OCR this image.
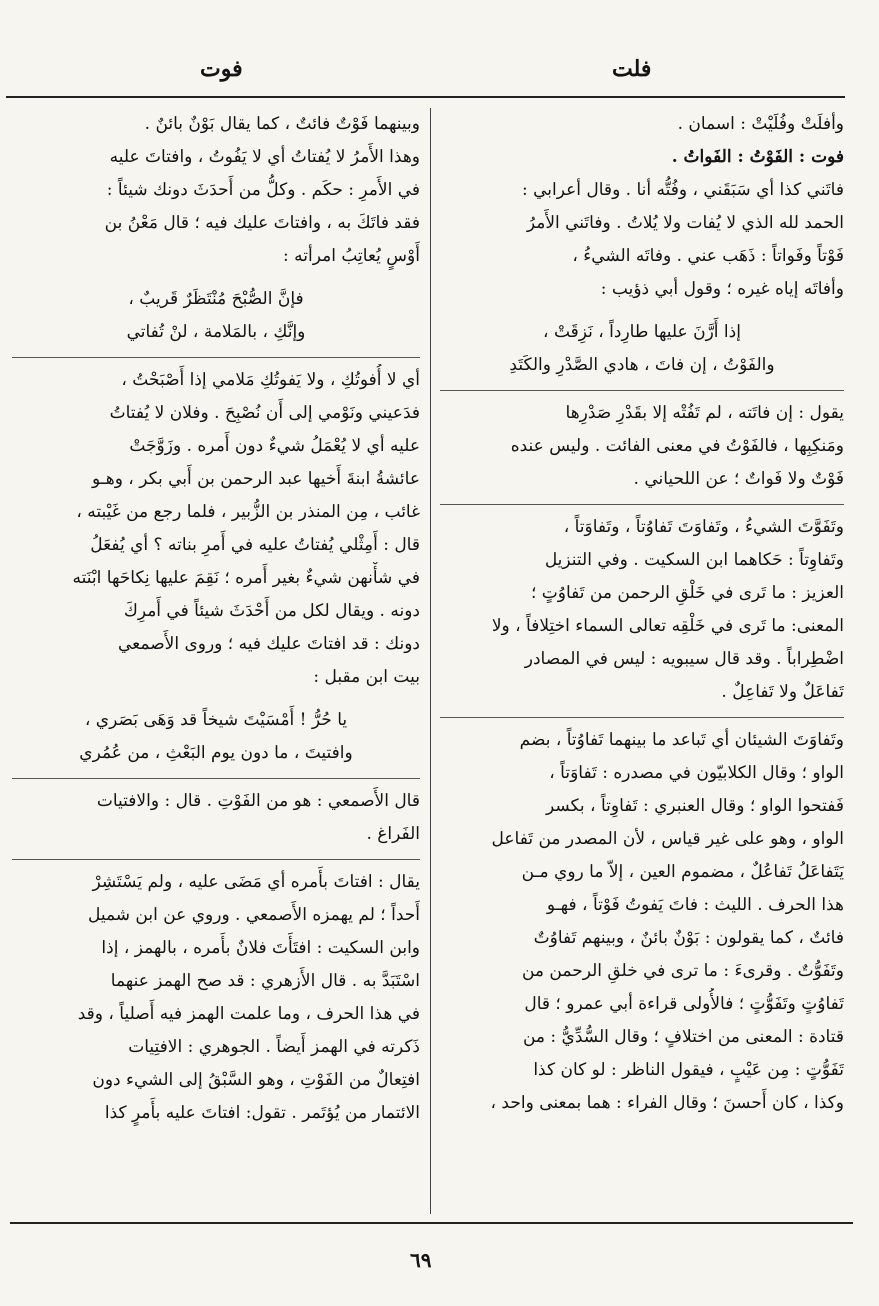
فلت
فوت
وأفلَتْ وفُلَيْتْ : اسمان .
فوت : الفَوْتُ : الفَواتُ .
فاتَني كذا أي سَبَقَني ، وفُتُّه أنا . وقال أعرابي :
الحمد لله الذي لا يُفات ولا يُلاتُ . وفاتَني الأَمرُ
فَوْتاً وفَواتاً : ذَهَب عني . وفاتَه الشيءُ ،
وأفاتَه إياه غيره ؛ وقول أبي ذؤيب :
إذا أَرَّنَ عليها طارِداً ، نَزِقَتْ ،
والفَوْتُ ، إن فاتَ ، هادي الصَّدْرِ والكَتَدِ
يقول : إن فاتَته ، لم تَفُتْه إلا بقَدْرِ صَدْرِها
ومَنكِبِها ، فالفَوْتُ في معنى الفائت . وليس عنده
فَوْتٌ ولا فَواتٌ ؛ عن اللحياني .
وتَفَوَّتَ الشيءُ ، وتَفاوَتَ تَفاوُتاً ، وتَفاوَتاً ،
وتَفاوِتاً : حَكاهما ابن السكيت . وفي التنزيل
العزيز : ما تَرى في خَلْقِ الرحمن من تَفاوُتٍ ؛
المعنى: ما تَرى في خَلْقِه تعالى السماء اختِلافاً ، ولا
اضْطِراباً . وقد قال سيبويه : ليس في المصادر
تَفاعَلٌ ولا تَفاعِلٌ .
وتَفاوَتَ الشيئان أي تَباعد ما بينهما تَفاوُتاً ، بضم
الواو ؛ وقال الكلابيّون في مصدره : تَفاوَتاً ،
فَفتحوا الواو ؛ وقال العنبري : تَفاوِتاً ، بكسر
الواو ، وهو على غير قياس ، لأن المصدر من تَفاعل
يَتَفاعَلُ تَفاعُلٌ ، مضموم العين ، إلاّ ما روي مـن
هذا الحرف . الليث : فاتَ يَفوتُ فَوْتاً ، فهـو
فائتٌ ، كما يقولون : بَوْنٌ بائنٌ ، وبينهم تَفاوُتٌ
وتَفَوُّتٌ . وقرىءَ : ما ترى في خلقِ الرحمن من
تَفاوُتٍ وتَفَوُّتٍ ؛ فالأُولى قراءة أبي عمرو ؛ قال
قتادة : المعنى من اختلافٍ ؛ وقال السُّدِّيُّ : من
تَفَوُّتٍ : مِن عَيْبٍ ، فيقول الناظر : لو كان كذا
وكذا ، كان أَحسنَ ؛ وقال الفراء : هما بمعنى واحد ،
وبينهما فَوْتٌ فائتٌ ، كما يقال بَوْنٌ بائنٌ .
وهذا الأَمرُ لا يُفتاتُ أي لا يَفُوتُ ، وافتاتَ عليه
في الأَمرِ : حكَم . وكلُّ من أَحدَثَ دونك شيئاً :
فقد فاتَكَ به ، وافتاتَ عليك فيه ؛ قال مَعْنُ بن
أَوْسٍ يُعاتِبُ امرأته :
فإنَّ الصُّبْحَ مُنْتَظَرٌ قَريبٌ ،
وإنَّكِ ، بالمَلامة ، لنْ تُفاتي
أي لا أُفوتُكِ ، ولا يَفوتُكِ مَلامي إذا أَصْبَحْتُ ،
فدَعيني ونَوْمي إلى أَن نُصْبِحَ . وفلان لا يُفتاتُ
عليه أي لا يُعْمَلُ شيءٌ دون أَمره . وزَوَّجَتْ
عائشةُ ابنةَ أَخيها عبد الرحمن بن أَبي بكر ، وهـو
غائب ، مِن المنذر بن الزُّبير ، فلما رجع من غَيْبته ،
قال : أَمِثْلي يُفتاتُ عليه في أَمرِ بناته ؟ أي يُفعَلُ
في شأْنهن شيءٌ بغير أَمره ؛ نَقِمَ عليها نِكاحَها ابْنَته
دونه . ويقال لكل من أَحْدَثَ شيئاً في أَمرِكَ
دونك : قد افتاتَ عليك فيه ؛ وروى الأَصمعي
بيت ابن مقبل :
يا حُرُّ ! أَمْسَيْتَ شيخاً قد وَهَى بَصَري ،
وافتيتَ ، ما دون يوم البَعْثِ ، من عُمُري
قال الأَصمعي : هو من الفَوْتِ . قال : والافتيات
الفَراغ .
يقال : افتاتَ بأَمره أي مَضَى عليه ، ولم يَسْتَشِرْ
أَحداً ؛ لم يهمزه الأَصمعي . وروي عن ابن شميل
وابن السكيت : افتَأَتَ فلانٌ بأَمره ، بالهمز ، إذا
اسْتَبَدَّ به . قال الأَزهري : قد صح الهمز عنهما
في هذا الحرف ، وما علمت الهمز فيه أَصلياً ، وقد
ذَكرته في الهمز أَيضاً . الجوهري : الافتِيات
افتِعالٌ من الفَوْتِ ، وهو السَّبْقُ إلى الشيء دون
الائتمار من يُؤتَمر . تقول: افتاتَ عليه بأَمرٍ كذا
٦٩
